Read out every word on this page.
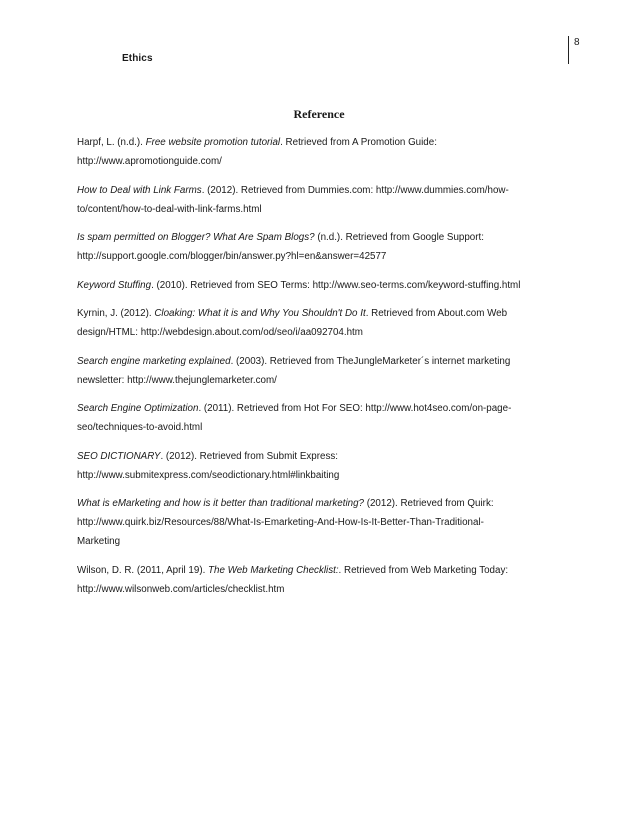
Ethics
8
Reference
Harpf, L. (n.d.). Free website promotion tutorial. Retrieved from A Promotion Guide:
http://www.apromotionguide.com/
How to Deal with Link Farms. (2012). Retrieved from Dummies.com: http://www.dummies.com/how-
to/content/how-to-deal-with-link-farms.html
Is spam permitted on Blogger? What Are Spam Blogs? (n.d.). Retrieved from Google Support:
http://support.google.com/blogger/bin/answer.py?hl=en&answer=42577
Keyword Stuffing. (2010). Retrieved from SEO Terms: http://www.seo-terms.com/keyword-stuffing.html
Kyrnin, J. (2012). Cloaking: What it is and Why You Shouldn't Do It. Retrieved from About.com Web
design/HTML: http://webdesign.about.com/od/seo/i/aa092704.htm
Search engine marketing explained. (2003). Retrieved from TheJungleMarketer´s internet marketing
newsletter: http://www.thejunglemarketer.com/
Search Engine Optimization. (2011). Retrieved from Hot For SEO: http://www.hot4seo.com/on-page-
seo/techniques-to-avoid.html
SEO DICTIONARY. (2012). Retrieved from Submit Express:
http://www.submitexpress.com/seodictionary.html#linkbaiting
What is eMarketing and how is it better than traditional marketing? (2012). Retrieved from Quirk:
http://www.quirk.biz/Resources/88/What-Is-Emarketing-And-How-Is-It-Better-Than-Traditional-
Marketing
Wilson, D. R. (2011, April 19). The Web Marketing Checklist:. Retrieved from Web Marketing Today:
http://www.wilsonweb.com/articles/checklist.htm
